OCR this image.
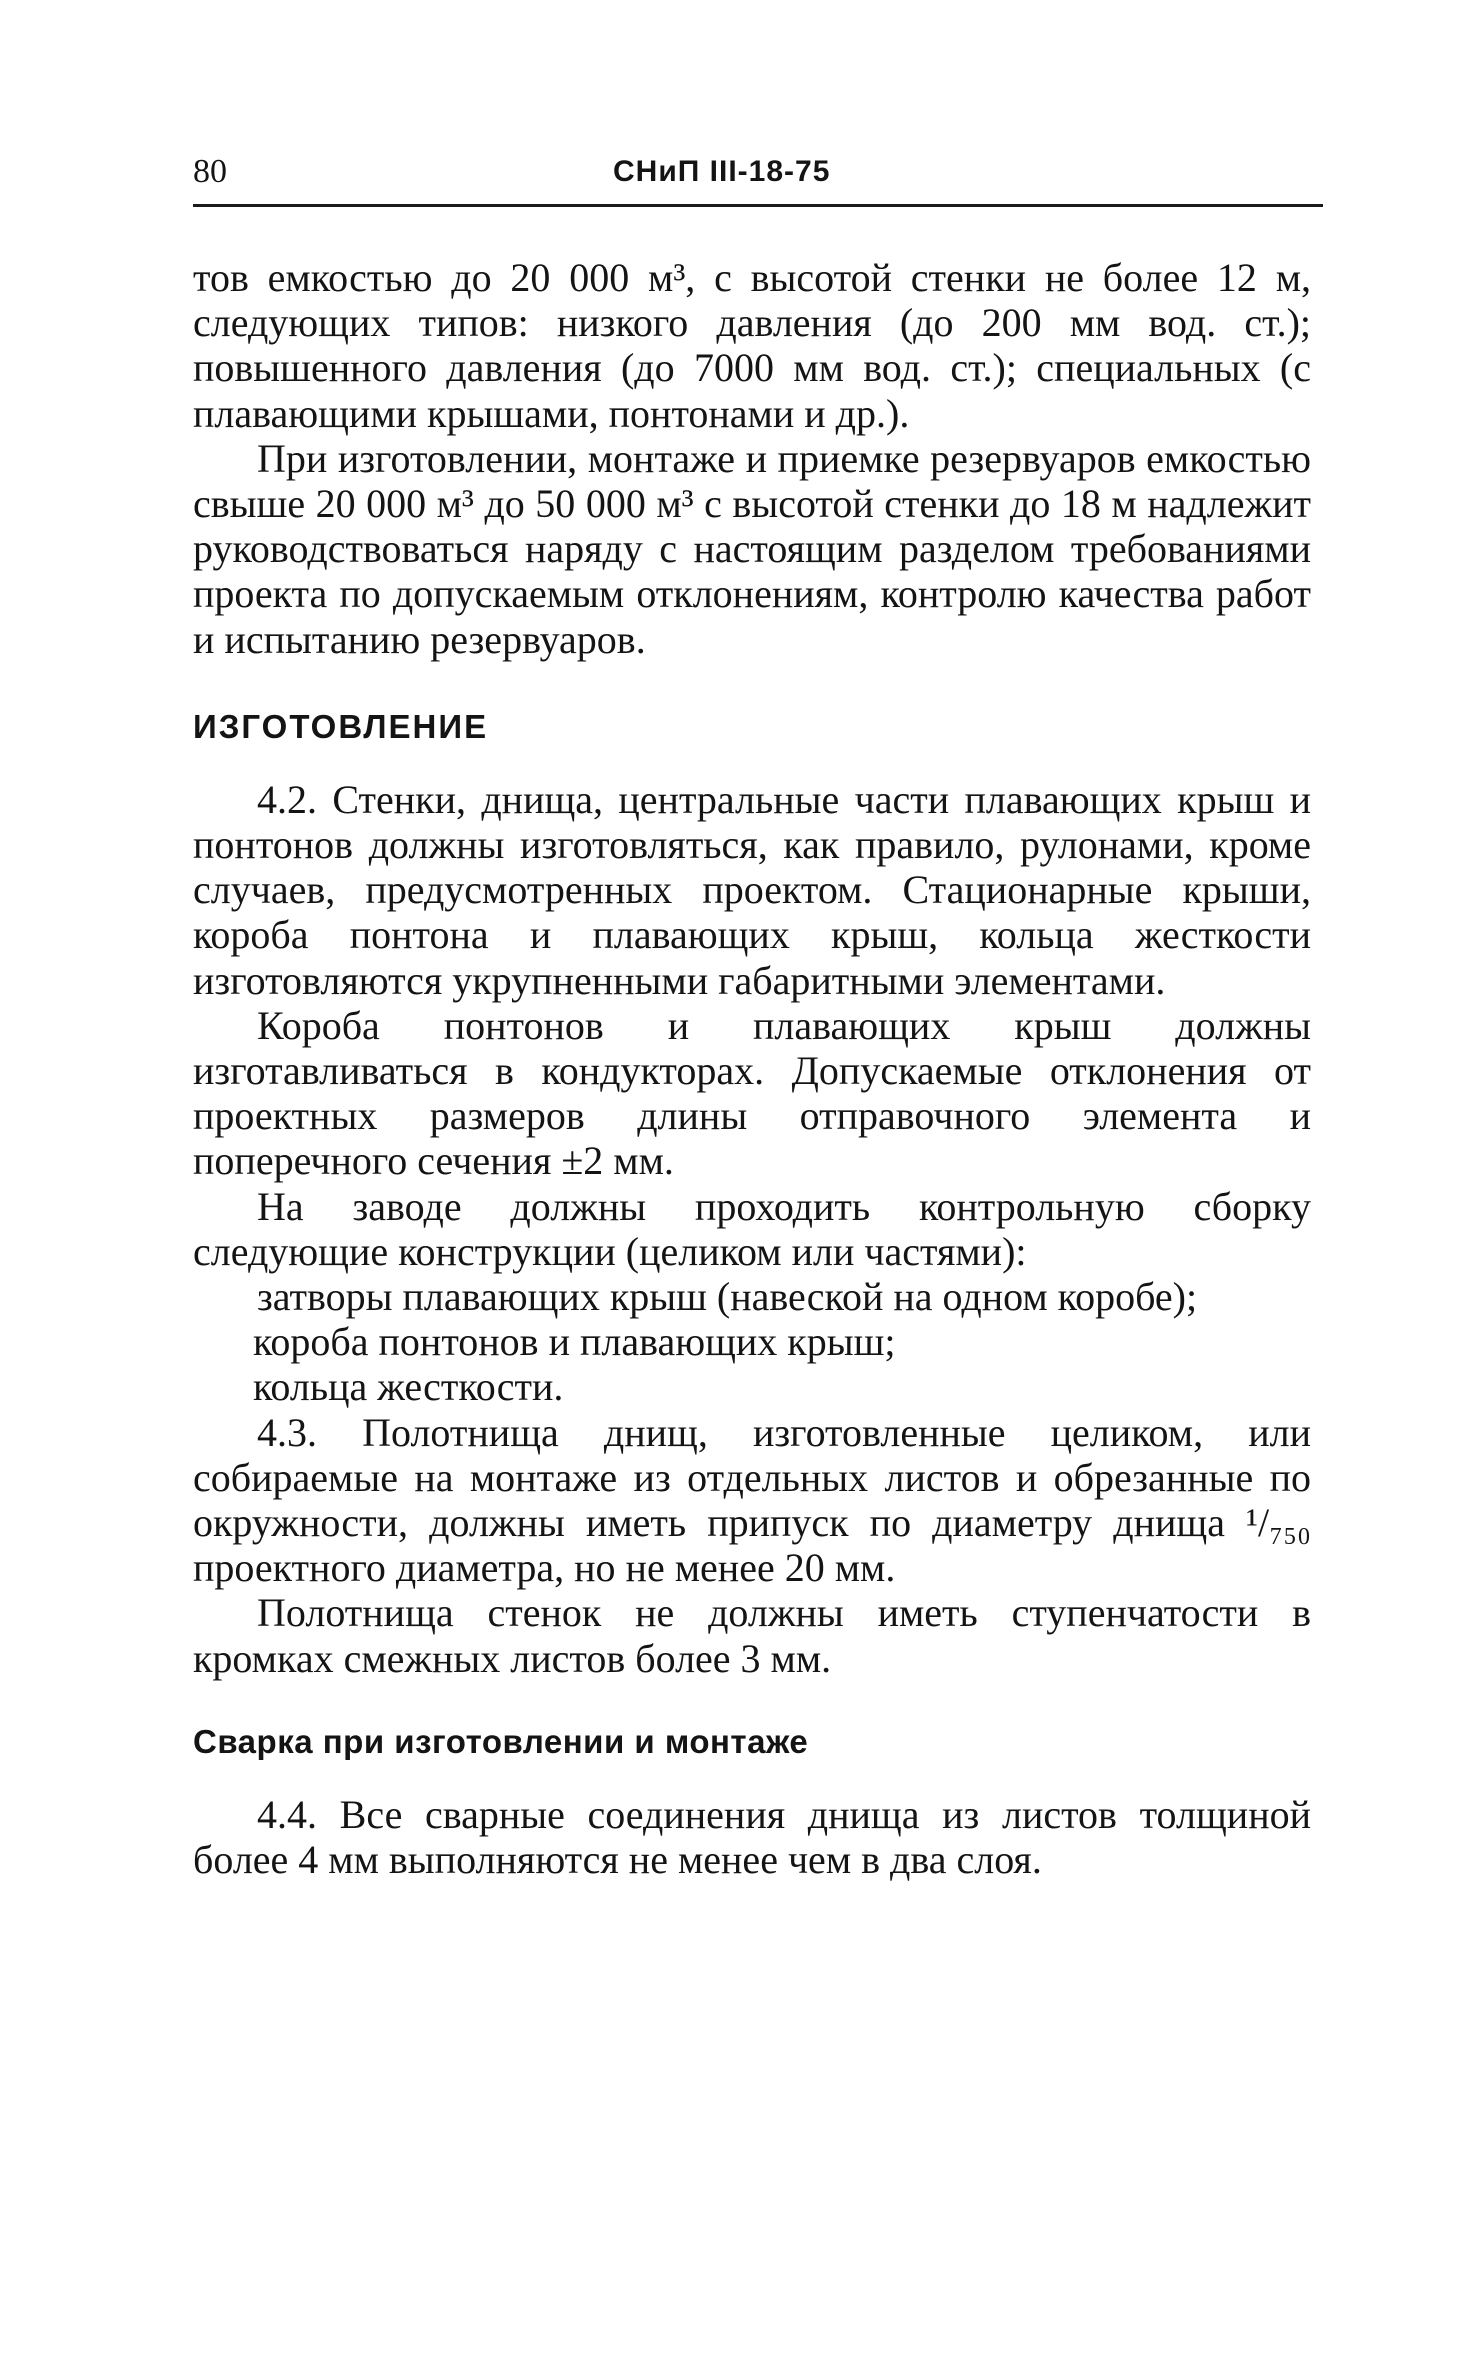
80	СНиП III-18-75

тов емкостью до 20 000 м³, с высотой стенки не более 12 м, следующих типов: низкого давления (до 200 мм вод. ст.); повышенного давления (до 7000 мм вод. ст.); специальных (с плавающими крышами, понтонами и др.).

При изготовлении, монтаже и приемке резервуаров емкостью свыше 20 000 м³ до 50 000 м³ с высотой стенки до 18 м надлежит руководствоваться наряду с настоящим разделом требованиями проекта по допускаемым отклонениям, контролю качества работ и испытанию резервуаров.

ИЗГОТОВЛЕНИЕ

4.2. Стенки, днища, центральные части плавающих крыш и понтонов должны изготовляться, как правило, рулонами, кроме случаев, предусмотренных проектом. Стационарные крыши, короба понтона и плавающих крыш, кольца жесткости изготовляются укрупненными габаритными элементами.

Короба понтонов и плавающих крыш должны изготавливаться в кондукторах. Допускаемые отклонения от проектных размеров длины отправочного элемента и поперечного сечения ±2 мм.

На заводе должны проходить контрольную сборку следующие конструкции (целиком или частями):

затворы плавающих крыш (навеской на одном коробе);

короба понтонов и плавающих крыш;

кольца жесткости.

4.3. Полотнища днищ, изготовленные целиком, или собираемые на монтаже из отдельных листов и обрезанные по окружности, должны иметь припуск по диаметру днища ¹/₇₅₀ проектного диаметра, но не менее 20 мм.

Полотнища стенок не должны иметь ступенчатости в кромках смежных листов более 3 мм.

Сварка при изготовлении и монтаже

4.4. Все сварные соединения днища из листов толщиной более 4 мм выполняются не менее чем в два слоя.
